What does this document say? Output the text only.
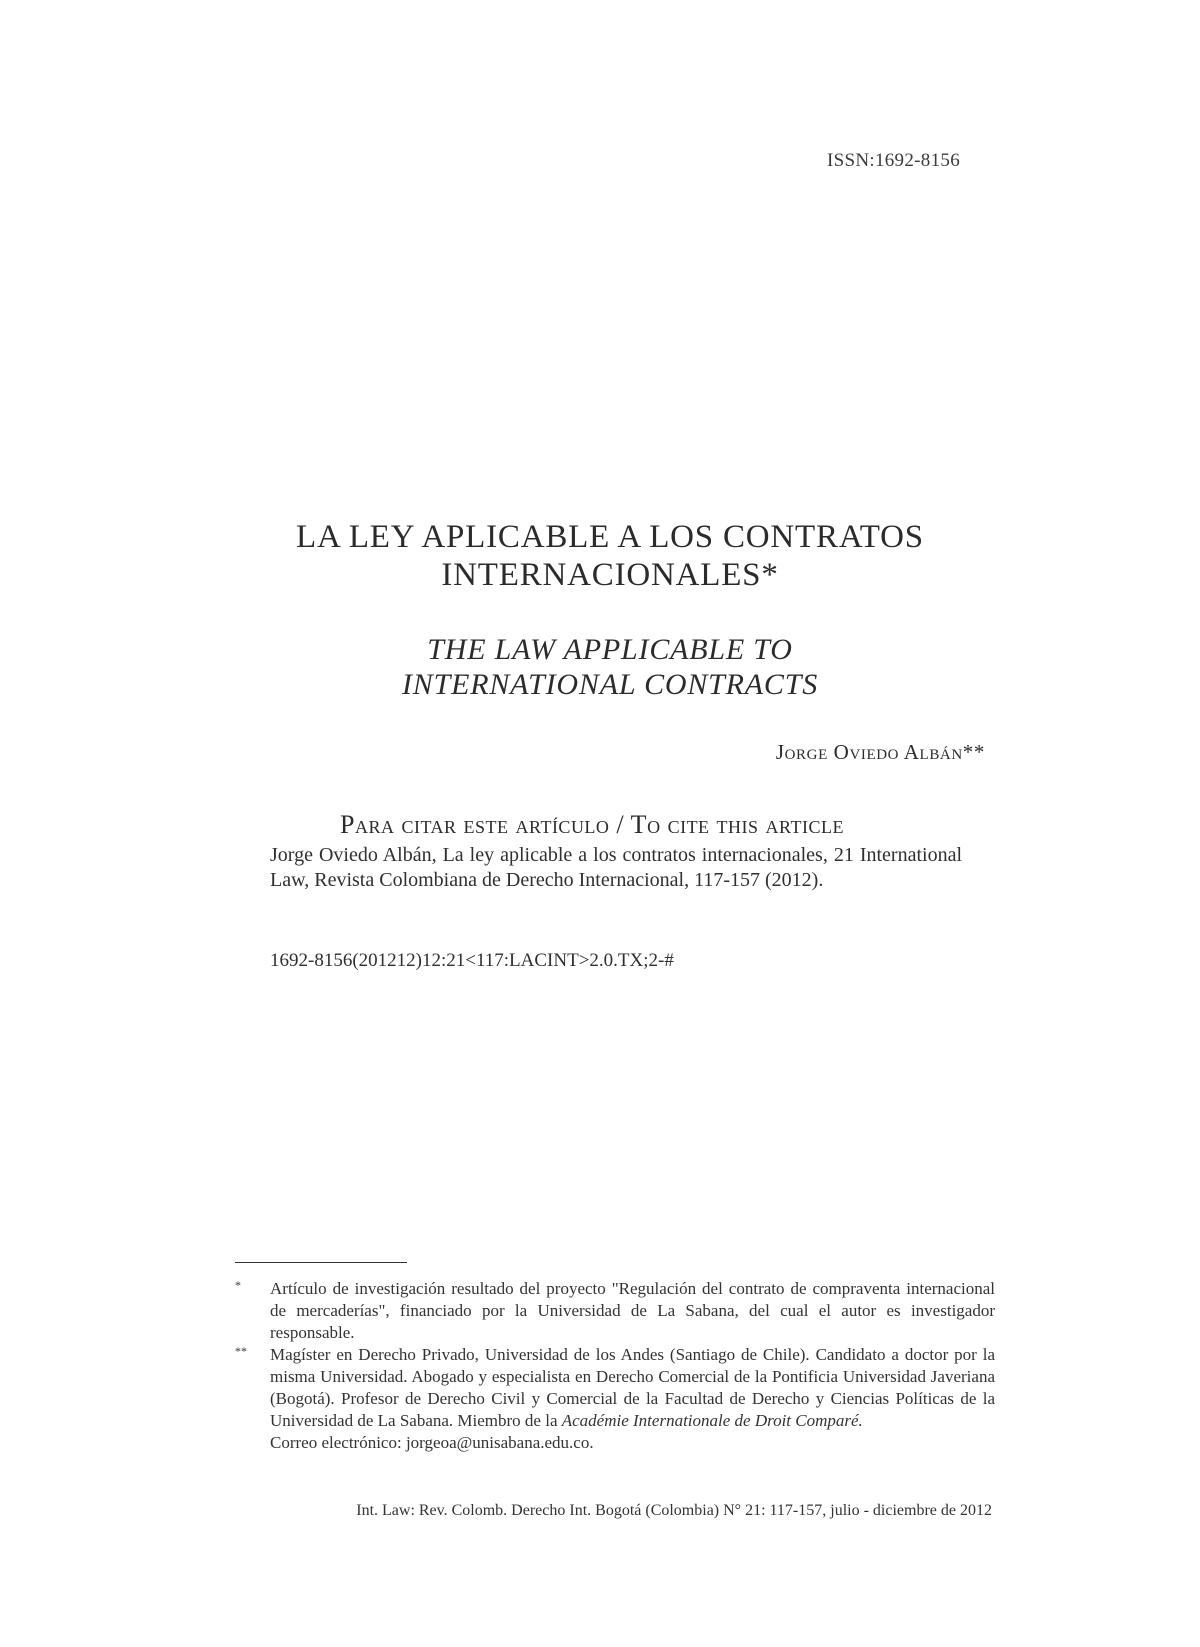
ISSN:1692-8156
LA LEY APLICABLE A LOS CONTRATOS
INTERNACIONALES*
THE LAW APPLICABLE TO
INTERNATIONAL CONTRACTS
Jorge Oviedo Albán**
Para citar este artículo / To cite this article
Jorge Oviedo Albán, La ley aplicable a los contratos internacionales, 21 International Law, Revista Colombiana de Derecho Internacional, 117-157 (2012).
1692-8156(201212)12:21<117:LACINT>2.0.TX;2-#
* Artículo de investigación resultado del proyecto "Regulación del contrato de compraventa internacional de mercaderías", financiado por la Universidad de La Sabana, del cual el autor es investigador responsable.
** Magíster en Derecho Privado, Universidad de los Andes (Santiago de Chile). Candidato a doctor por la misma Universidad. Abogado y especialista en Derecho Comercial de la Pontificia Universidad Javeriana (Bogotá). Profesor de Derecho Civil y Comercial de la Facultad de Derecho y Ciencias Políticas de la Universidad de La Sabana. Miembro de la Académie Internationale de Droit Comparé.
Correo electrónico: jorgeoa@unisabana.edu.co.
Int. Law: Rev. Colomb. Derecho Int. Bogotá (Colombia) N° 21: 117-157, julio - diciembre de 2012
